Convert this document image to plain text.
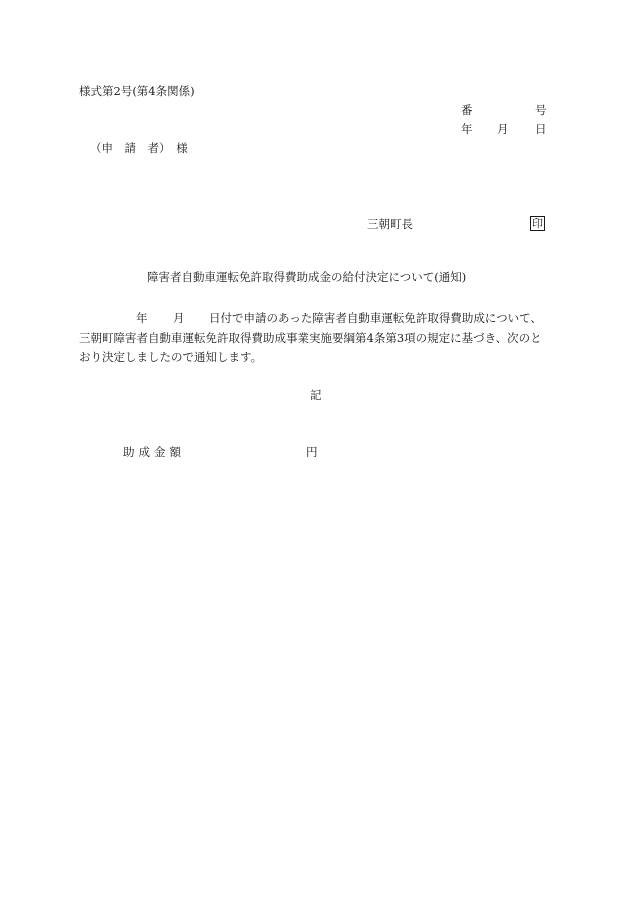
様式第2号(第4条関係)
番	号
年 月 日
（申　請　者）　様
三朝町長	印
障害者自動車運転免許取得費助成金の給付決定について(通知)
年 月 日付で申請のあった障害者自動車運転免許取得費助成について、
三朝町障害者自動車運転免許取得費助成事業実施要綱第4条第3項の規定に基づき、次のと
おり決定しましたので通知します。
記
助成金額	円
